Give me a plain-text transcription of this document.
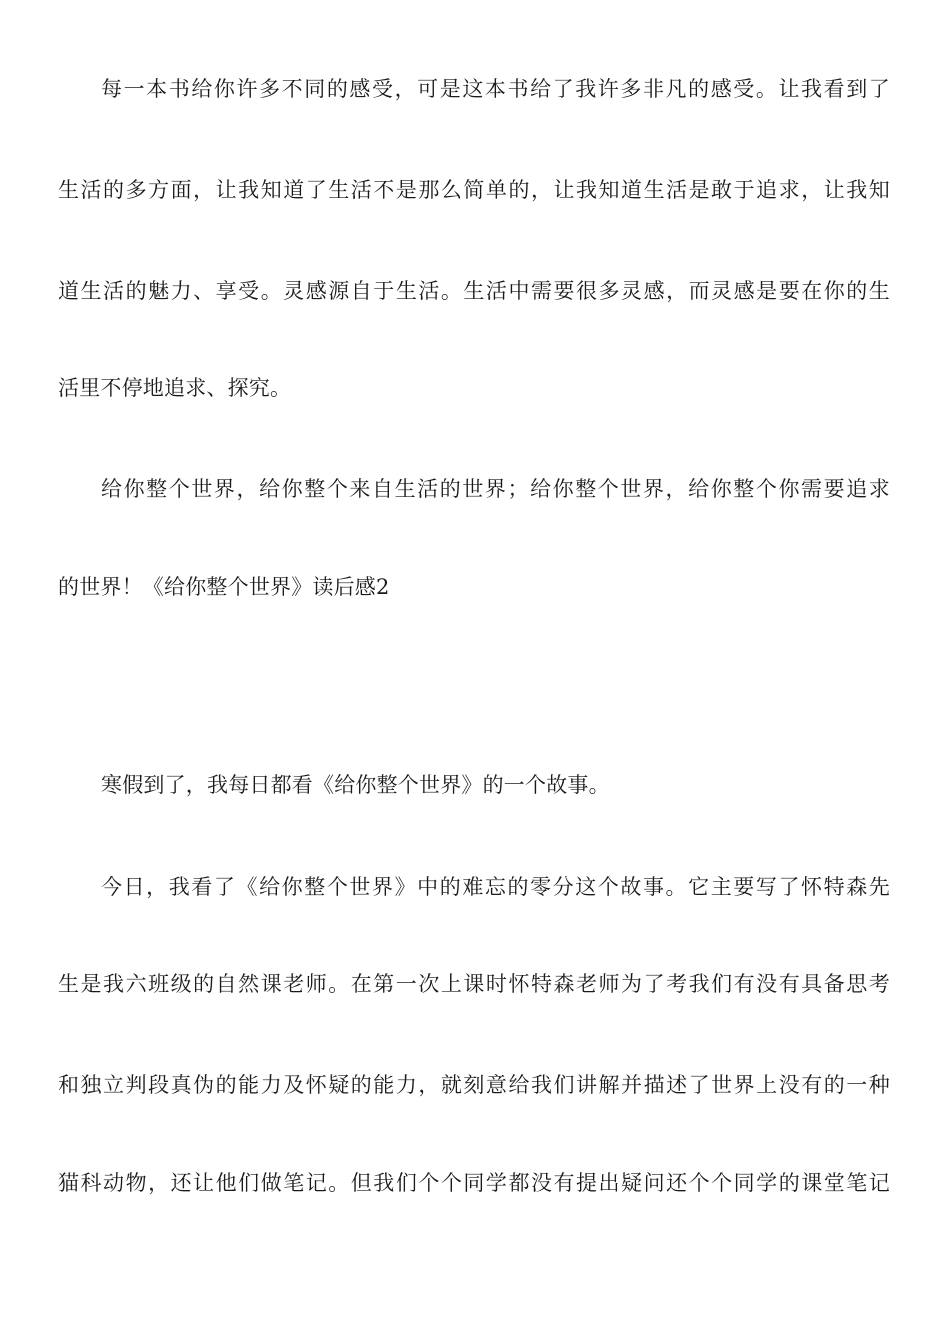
每一本书给你许多不同的感受，可是这本书给了我许多非凡的感受。让我看到了

生活的多方面，让我知道了生活不是那么简单的，让我知道生活是敢于追求，让我知

道生活的魅力、享受。灵感源自于生活。生活中需要很多灵感，而灵感是要在你的生

活里不停地追求、探究。

给你整个世界，给你整个来自生活的世界；给你整个世界，给你整个你需要追求

的世界！《给你整个世界》读后感2

寒假到了，我每日都看《给你整个世界》的一个故事。

今日，我看了《给你整个世界》中的难忘的零分这个故事。它主要写了怀特森先

生是我六班级的自然课老师。在第一次上课时怀特森老师为了考我们有没有具备思考

和独立判段真伪的能力及怀疑的能力，就刻意给我们讲解并描述了世界上没有的一种

猫科动物，还让他们做笔记。但我们个个同学都没有提出疑问还个个同学的课堂笔记
